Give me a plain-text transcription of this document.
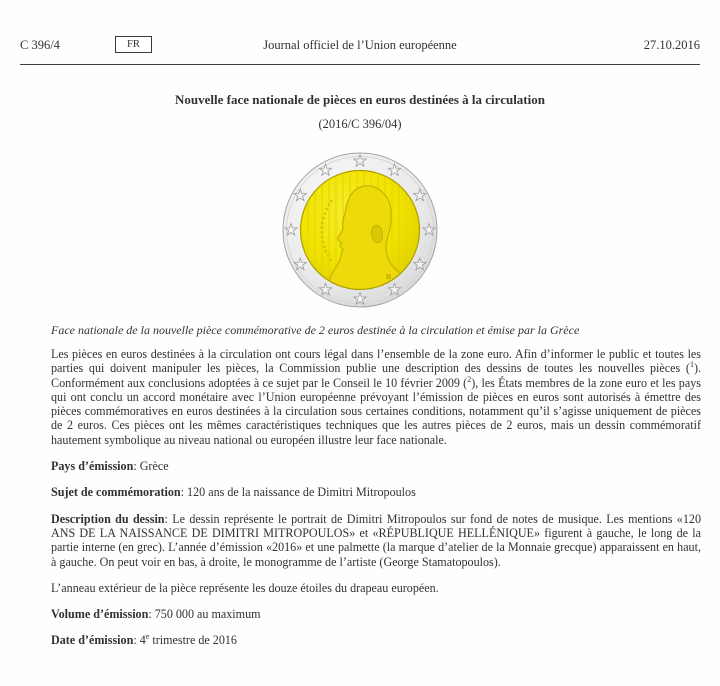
C 396/4	FR	Journal officiel de l’Union européenne	27.10.2016
Nouvelle face nationale de pièces en euros destinées à la circulation
(2016/C 396/04)

Face nationale de la nouvelle pièce commémorative de 2 euros destinée à la circulation et émise par la Grèce

Les pièces en euros destinées à la circulation ont cours légal dans l’ensemble de la zone euro. Afin d’informer le public et toutes les parties qui doivent manipuler les pièces, la Commission publie une description des dessins de toutes les nouvelles pièces ($^1$). Conformément aux conclusions adoptées à ce sujet par le Conseil le 10 février 2009 ($^2$), les États membres de la zone euro et les pays qui ont conclu un accord monétaire avec l’Union européenne prévoyant l’émission de pièces en euros sont autorisés à émettre des pièces commémoratives en euros destinées à la circulation sous certaines conditions, notamment qu’il s’agisse uniquement de pièces de 2 euros. Ces pièces ont les mêmes caractéristiques techniques que les autres pièces de 2 euros, mais un dessin commémoratif hautement symbolique au niveau national ou européen illustre leur face nationale.

Pays d’émission: Grèce

Sujet de commémoration: 120 ans de la naissance de Dimitri Mitropoulos

Description du dessin: Le dessin représente le portrait de Dimitri Mitropoulos sur fond de notes de musique. Les mentions «120 ANS DE LA NAISSANCE DE DIMITRI MITROPOULOS» et «RÉPUBLIQUE HELLÉNIQUE» figurent à gauche, le long de la partie interne (en grec). L’année d’émission «2016» et une palmette (la marque d’atelier de la Monnaie grecque) apparaissent en haut, à gauche. On peut voir en bas, à droite, le monogramme de l’artiste (George Stamatopoulos).

L’anneau extérieur de la pièce représente les douze étoiles du drapeau européen.

Volume d’émission: 750 000 au maximum

Date d’émission: 4e trimestre de 2016
